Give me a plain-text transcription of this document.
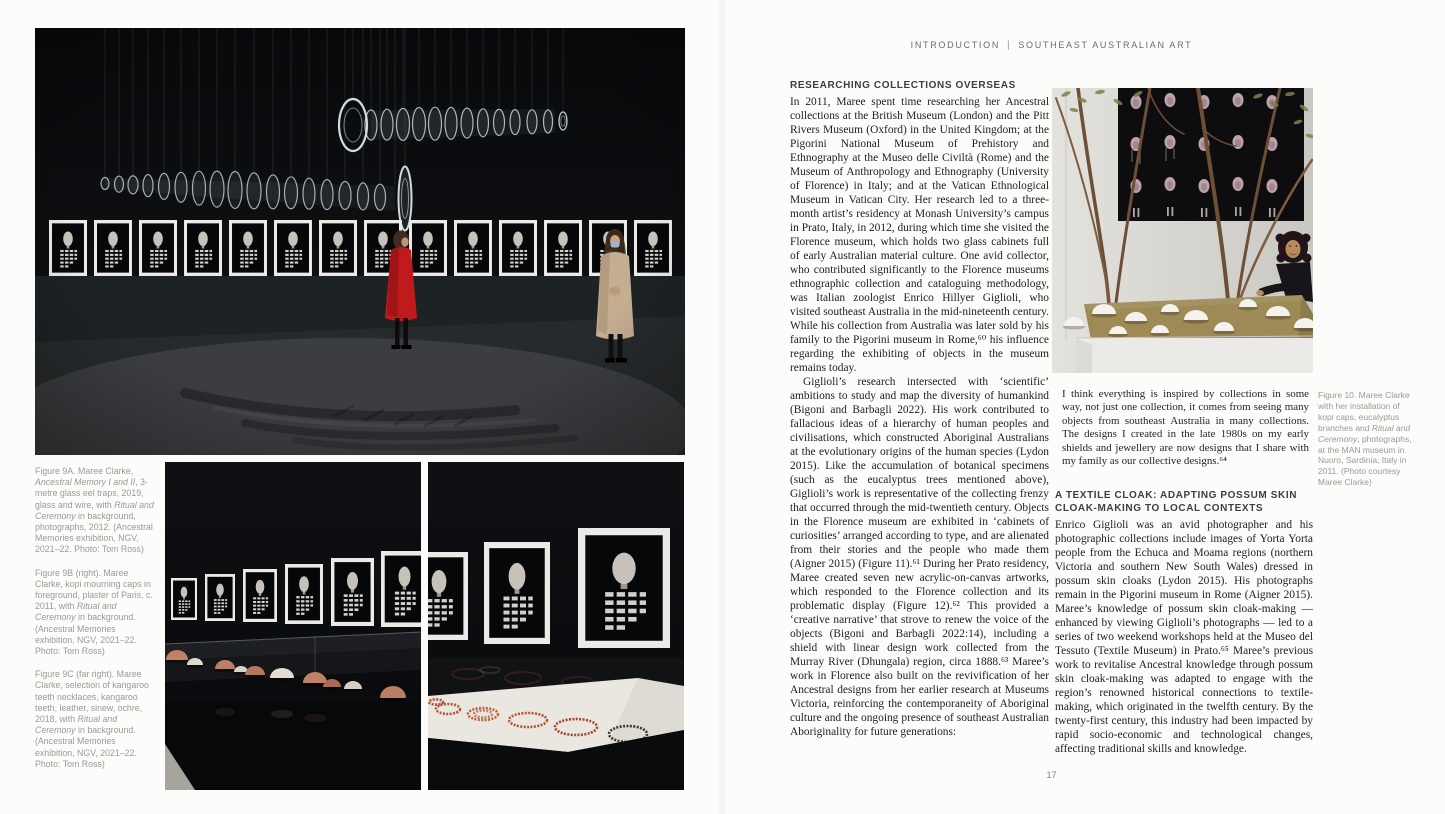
Figure 9A. Maree Clarke, Ancestral Memory I and II, 3-metre glass eel traps, 2019, glass and wire, with Ritual and Ceremony in background, photographs, 2012. (Ancestral Memories exhibition, NGV, 2021–22. Photo: Tom Ross)
Figure 9B (right). Maree Clarke, kopi mourning caps in foreground, plaster of Paris, c. 2011, with Ritual and Ceremony in background. (Ancestral Memories exhibition, NGV, 2021–22. Photo: Tom Ross)
Figure 9C (far right). Maree Clarke, selection of kangaroo teeth necklaces, kangaroo teeth, leather, sinew, ochre, 2018, with Ritual and Ceremony in background. (Ancestral Memories exhibition, NGV, 2021–22. Photo: Tom Ross)
INTRODUCTION | SOUTHEAST AUSTRALIAN ART
RESEARCHING COLLECTIONS OVERSEAS

In 2011, Maree spent time researching her Ancestral collections at the British Museum (London) and the Pitt Rivers Museum (Oxford) in the United Kingdom; at the Pigorini National Museum of Prehistory and Ethnography at the Museo delle Civiltà (Rome) and the Museum of Anthropology and Ethnography (University of Florence) in Italy; and at the Vatican Ethnological Museum in Vatican City. Her research led to a three-month artist’s residency at Monash University’s campus in Prato, Italy, in 2012, during which time she visited the Florence museum, which holds two glass cabinets full of early Australian material culture. One avid collector, who contributed significantly to the Florence museums ethnographic collection and cataloguing methodology, was Italian zoologist Enrico Hillyer Giglioli, who visited southeast Australia in the mid-nineteenth century. While his collection from Australia was later sold by his family to the Pigorini museum in Rome,⁶⁰ his influence regarding the exhibiting of objects in the museum remains today.

Giglioli’s research intersected with ‘scientific’ ambitions to study and map the diversity of humankind (Bigoni and Barbagli 2022). His work contributed to fallacious ideas of a hierarchy of human peoples and civilisations, which constructed Aboriginal Australians at the evolutionary origins of the human species (Lydon 2015). Like the accumulation of botanical specimens (such as the eucalyptus trees mentioned above), Giglioli’s work is representative of the collecting frenzy that occurred through the mid-twentieth century. Objects in the Florence museum are exhibited in ‘cabinets of curiosities’ arranged according to type, and are alienated from their stories and the people who made them (Aigner 2015) (Figure 11).⁶¹ During her Prato residency, Maree created seven new acrylic-on-canvas artworks, which responded to the Florence collection and its problematic display (Figure 12).⁶² This provided a ‘creative narrative’ that strove to renew the voice of the objects (Bigoni and Barbagli 2022:14), including a shield with linear design work collected from the Murray River (Dhungala) region, circa 1888.⁶³ Maree’s work in Florence also built on the revivification of her Ancestral designs from her earlier research at Museums Victoria, reinforcing the contemporaneity of Aboriginal culture and the ongoing presence of southeast Australian Aboriginality for future generations:

I think everything is inspired by collections in some way, not just one collection, it comes from seeing many objects from southeast Australia in many collections. The designs I created in the late 1980s on my early shields and jewellery are now designs that I share with my family as our collective designs.⁶⁴
A TEXTILE CLOAK: ADAPTING POSSUM SKIN CLOAK-MAKING TO LOCAL CONTEXTS

Enrico Giglioli was an avid photographer and his photographic collections include images of Yorta Yorta people from the Echuca and Moama regions (northern Victoria and southern New South Wales) dressed in possum skin cloaks (Lydon 2015). His photographs remain in the Pigorini museum in Rome (Aigner 2015). Maree’s knowledge of possum skin cloak-making — enhanced by viewing Giglioli’s photographs — led to a series of two weekend workshops held at the Museo del Tessuto (Textile Museum) in Prato.⁶⁵ Maree’s previous work to revitalise Ancestral knowledge through possum skin cloak-making was adapted to engage with the region’s renowned historical connections to textile-making, which originated in the twelfth century. By the twenty-first century, this industry had been impacted by rapid socio-economic and technological changes, affecting traditional skills and knowledge.

Figure 10. Maree Clarke with her installation of kopi caps, eucalyptus branches and Ritual and Ceremony, photographs, at the MAN museum in Nuoro, Sardinia, Italy in 2011. (Photo courtesy Maree Clarke)
17
